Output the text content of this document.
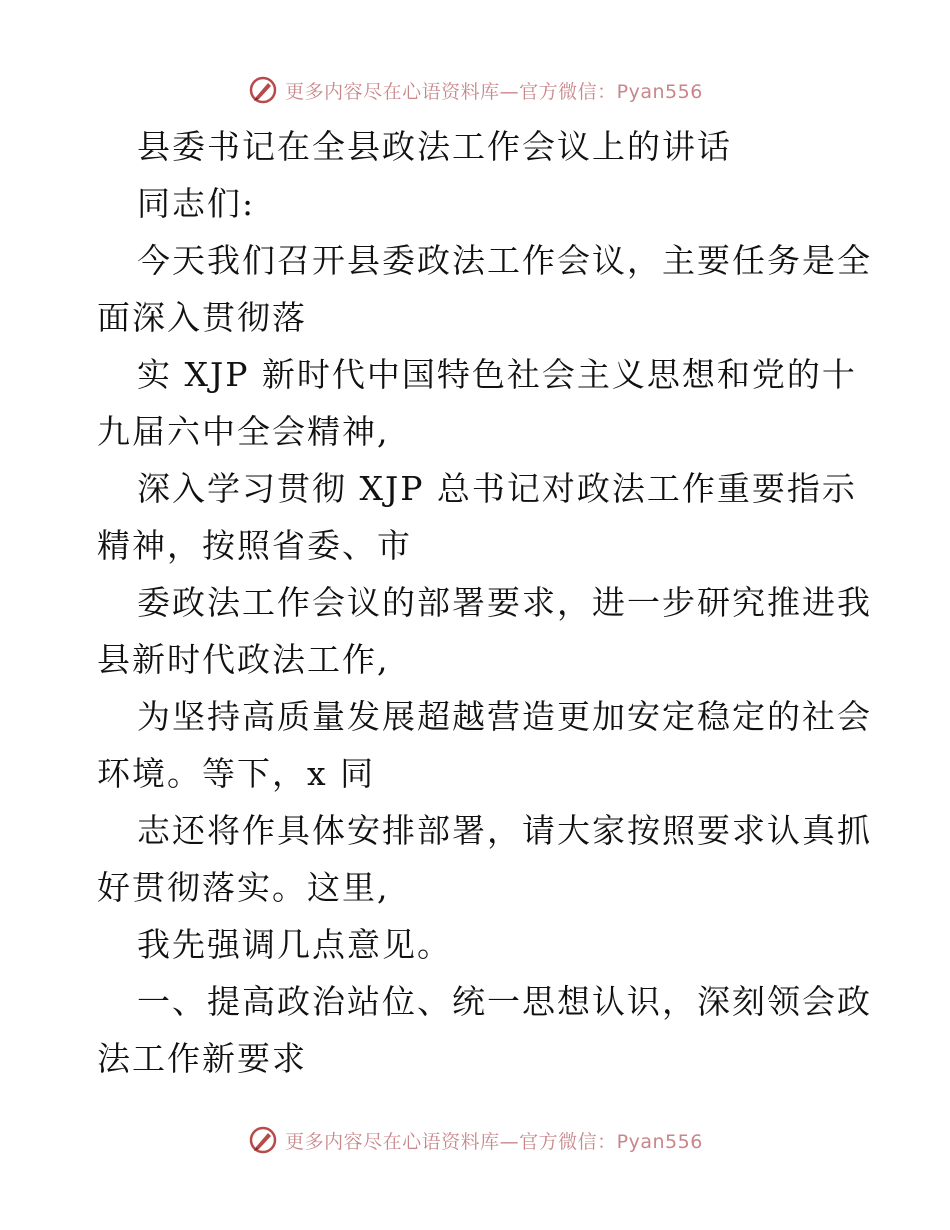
更多内容尽在心语资料库—官方微信：Pyan556
县委书记在全县政法工作会议上的讲话
同志们:
今天我们召开县委政法工作会议，主要任务是全
面深入贯彻落
实 XJP 新时代中国特色社会主义思想和党的十
九届六中全会精神,
深入学习贯彻 XJP 总书记对政法工作重要指示
精神，按照省委、市
委政法工作会议的部署要求，进一步研究推进我
县新时代政法工作,
为坚持高质量发展超越营造更加安定稳定的社会
环境。等下，x 同
志还将作具体安排部署，请大家按照要求认真抓
好贯彻落实。这里,
我先强调几点意见。
一、提高政治站位、统一思想认识，深刻领会政
法工作新要求
更多内容尽在心语资料库—官方微信：Pyan556
